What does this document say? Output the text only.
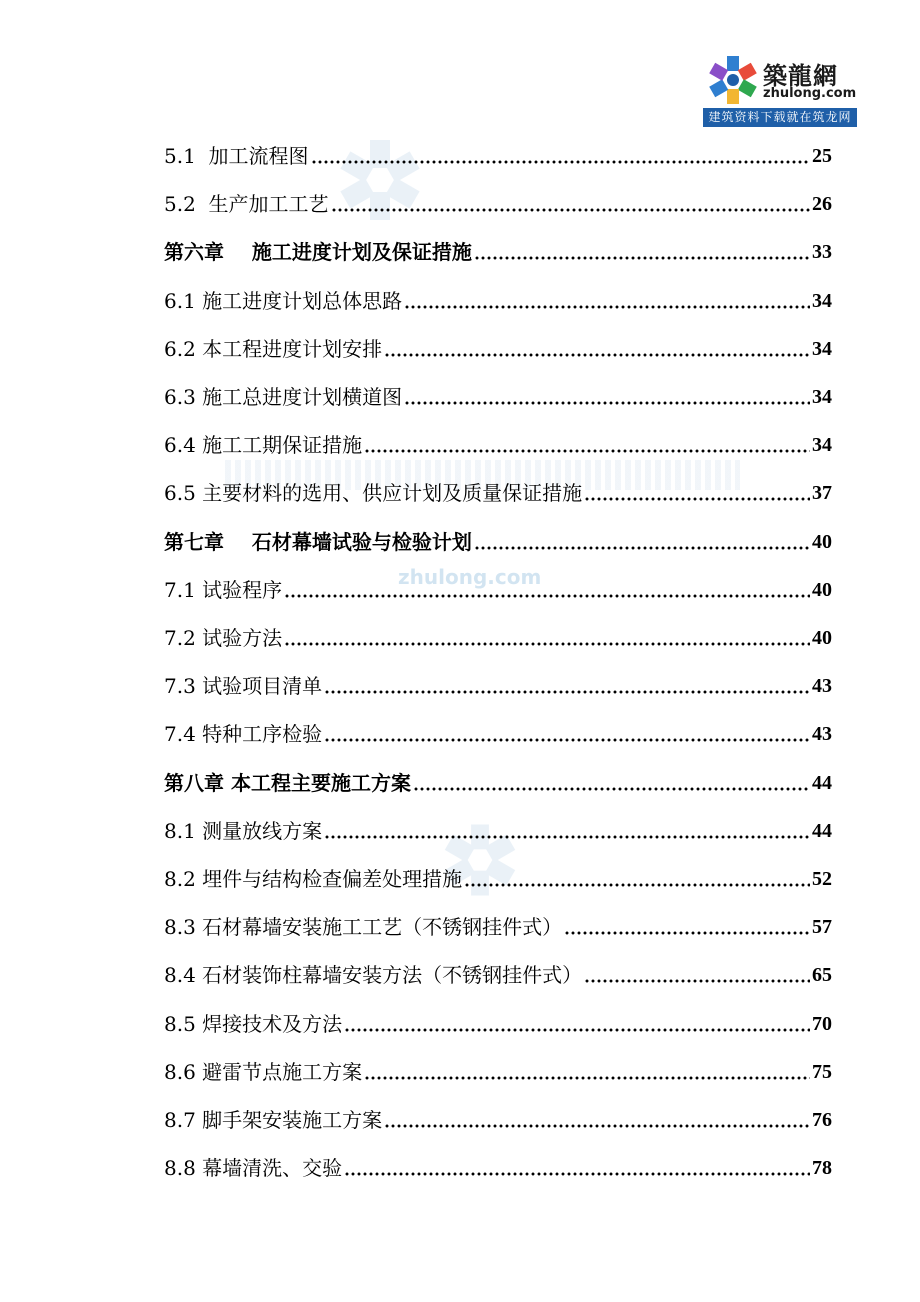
zhulong.com
築龍網
zhulong.com
建筑资料下载就在筑龙网
5.1 加工流程图	25
5.2 生产加工工艺	26
第六章 施工进度计划及保证措施	33
6.1 施工进度计划总体思路	34
6.2 本工程进度计划安排	34
6.3 施工总进度计划横道图	34
6.4 施工工期保证措施	34
6.5 主要材料的选用、供应计划及质量保证措施	37
第七章 石材幕墙试验与检验计划	40
7.1 试验程序	40
7.2 试验方法	40
7.3 试验项目清单	43
7.4 特种工序检验	43
第八章 本工程主要施工方案	44
8.1 测量放线方案	44
8.2 埋件与结构检查偏差处理措施	52
8.3 石材幕墙安装施工工艺（不锈钢挂件式）	57
8.4 石材装饰柱幕墙安装方法（不锈钢挂件式）	65
8.5 焊接技术及方法	70
8.6 避雷节点施工方案	75
8.7 脚手架安装施工方案	76
8.8 幕墙清洗、交验	78
